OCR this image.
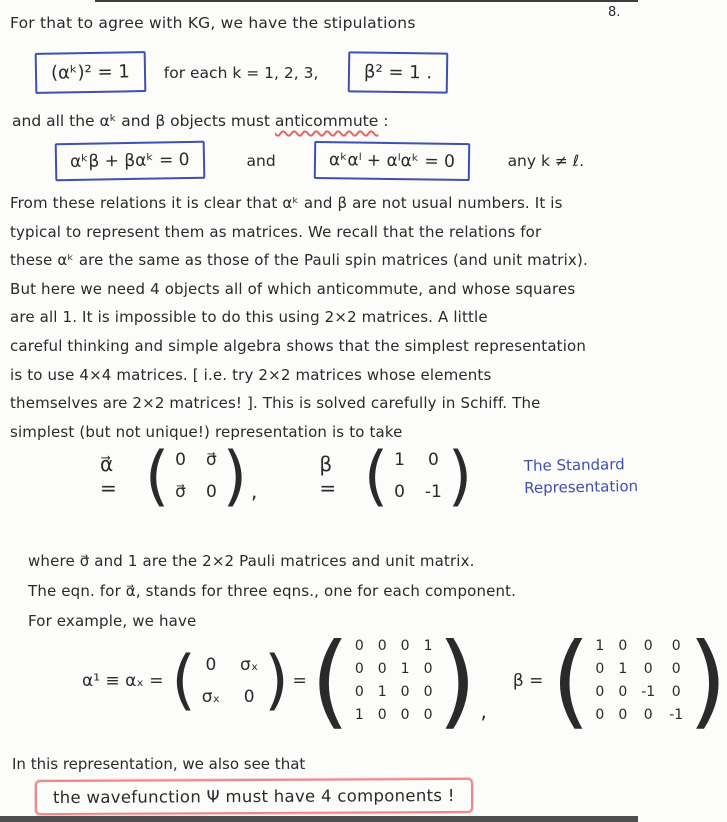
8.
For that to agree with KG, we have the stipulations
(αᵏ)² = 1	for each k = 1, 2, 3,	β² = 1 .
and all the αᵏ and β objects must anticommute :
αᵏβ + βαᵏ = 0	and	αᵏαˡ + αˡαᵏ = 0	any k ≠ ℓ.
From these relations it is clear that αᵏ and β are not usual numbers. It is
typical to represent them as matrices. We recall that the relations for
these αᵏ are the same as those of the Pauli spin matrices (and unit matrix).
But here we need 4 objects all of which anticommute, and whose squares
are all 1. It is impossible to do this using 2×2 matrices. A little
careful thinking and simple algebra shows that the simplest representation
is to use 4×4 matrices. [ i.e. try 2×2 matrices whose elements
themselves are 2×2 matrices! ]. This is solved carefully in Schiff. The
simplest (but not unique!) representation is to take
α⃗ =
(
0 σ⃗
σ⃗ 0 ) ,
β =
(
1 0
0 -1
)
The Standard
Representation
where σ⃗ and 1 are the 2×2 Pauli matrices and unit matrix.
The eqn. for α⃗, stands for three eqns., one for each component.
For example, we have
α¹ ≡ αₓ =
(
0 σₓ
σₓ 0
)
=
(
0 0 0 1
0 0 1 0
0 1 0 0
1 0 0 0 ) ,
β =
(
1 0 0 0
0 1 0 0
0 0 -1 0
0 0 0 -1
)
In this representation, we also see that
the wavefunction Ψ must have 4 components !
